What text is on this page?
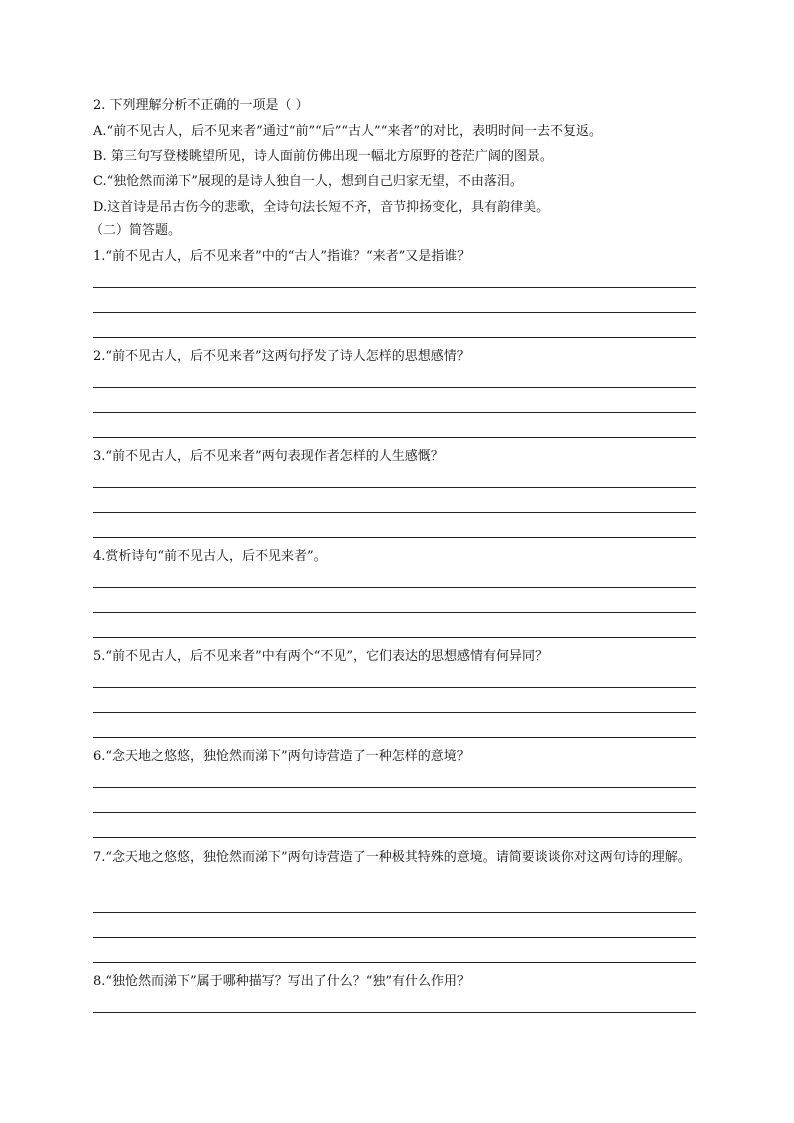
2. 下列理解分析不正确的一项是（ ）
A.“前不见古人，后不见来者”通过“前”“后”“古人”“来者”的对比，表明时间一去不复返。
B. 第三句写登楼眺望所见，诗人面前仿佛出现一幅北方原野的苍茫广阔的图景。
C.“独怆然而涕下”展现的是诗人独自一人，想到自己归家无望，不由落泪。
D.这首诗是吊古伤今的悲歌，全诗句法长短不齐，音节抑扬变化，具有韵律美。
（二）简答题。
1.“前不见古人，后不见来者”中的“古人”指谁？“来者”又是指谁？
2.“前不见古人，后不见来者”这两句抒发了诗人怎样的思想感情？
3.“前不见古人，后不见来者”两句表现作者怎样的人生感慨？
4.赏析诗句“前不见古人，后不见来者”。
5.“前不见古人，后不见来者”中有两个“不见”，它们表达的思想感情有何异同？
6.“念天地之悠悠，独怆然而涕下”两句诗营造了一种怎样的意境？
7.“念天地之悠悠，独怆然而涕下”两句诗营造了一种极其特殊的意境。请简要谈谈你对这两句诗的理解。
8.“独怆然而涕下”属于哪种描写？写出了什么？“独”有什么作用？
